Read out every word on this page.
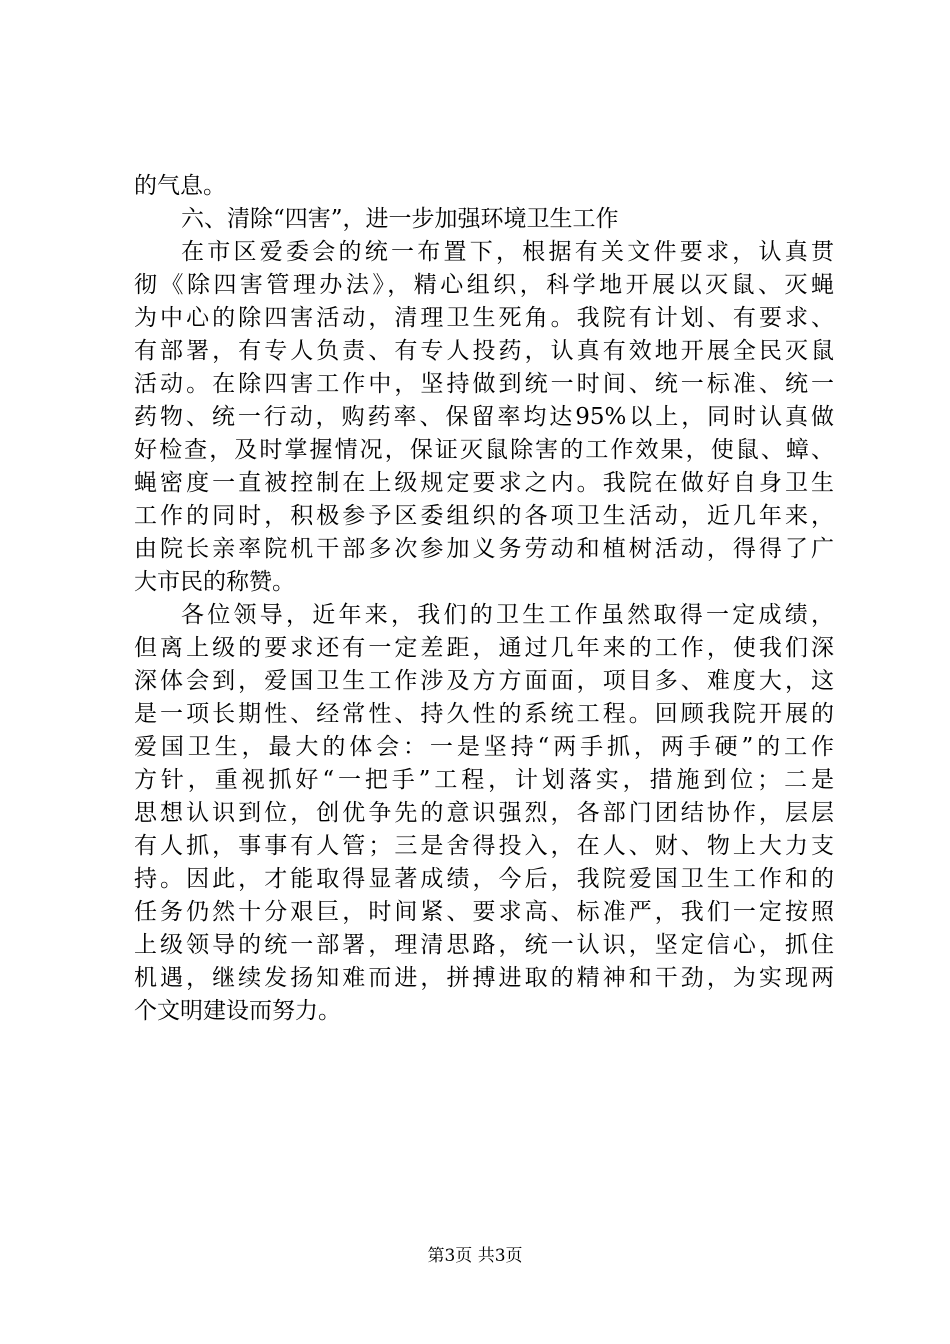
的气息。
六、清除“四害”，进一步加强环境卫生工作
在市区爱委会的统一布置下，根据有关文件要求，认真贯
彻《除四害管理办法》，精心组织，科学地开展以灭鼠、灭蝇
为中心的除四害活动，清理卫生死角。我院有计划、有要求、
有部署，有专人负责、有专人投药，认真有效地开展全民灭鼠
活动。在除四害工作中，坚持做到统一时间、统一标准、统一
药物、统一行动，购药率、保留率均达95%以上，同时认真做
好检查，及时掌握情况，保证灭鼠除害的工作效果，使鼠、蟑、
蝇密度一直被控制在上级规定要求之内。我院在做好自身卫生
工作的同时，积极参予区委组织的各项卫生活动，近几年来，
由院长亲率院机干部多次参加义务劳动和植树活动，得得了广
大市民的称赞。
各位领导，近年来，我们的卫生工作虽然取得一定成绩，
但离上级的要求还有一定差距，通过几年来的工作，使我们深
深体会到，爱国卫生工作涉及方方面面，项目多、难度大，这
是一项长期性、经常性、持久性的系统工程。回顾我院开展的
爱国卫生，最大的体会：一是坚持“两手抓，两手硬”的工作
方针，重视抓好“一把手”工程，计划落实，措施到位；二是
思想认识到位，创优争先的意识强烈，各部门团结协作，层层
有人抓，事事有人管；三是舍得投入，在人、财、物上大力支
持。因此，才能取得显著成绩，今后，我院爱国卫生工作和的
任务仍然十分艰巨，时间紧、要求高、标准严，我们一定按照
上级领导的统一部署，理清思路，统一认识，坚定信心，抓住
机遇，继续发扬知难而进，拼搏进取的精神和干劲，为实现两
个文明建设而努力。
第3页 共3页
